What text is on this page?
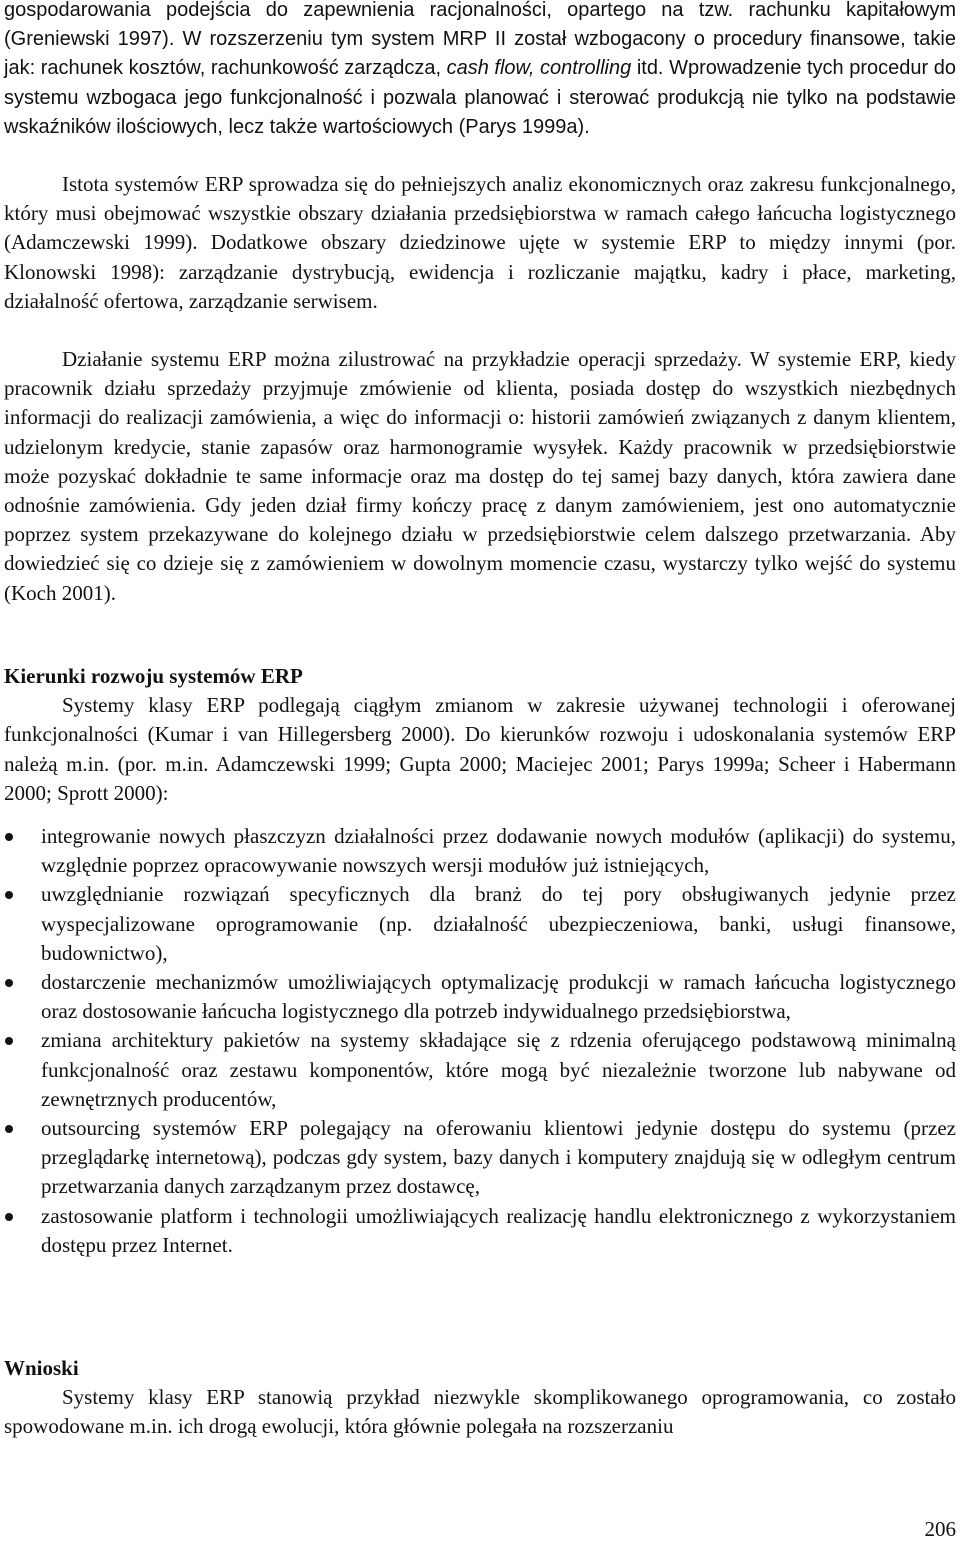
gospodarowania podejścia do zapewnienia racjonalności, opartego na tzw. rachunku kapitałowym (Greniewski 1997). W rozszerzeniu tym system MRP II został wzbogacony o procedury finansowe, takie jak: rachunek kosztów, rachunkowość zarządcza, cash flow, controlling itd. Wprowadzenie tych procedur do systemu wzbogaca jego funkcjonalność i pozwala planować i sterować produkcją nie tylko na podstawie wskaźników ilościowych, lecz także wartościowych (Parys 1999a).

Istota systemów ERP sprowadza się do pełniejszych analiz ekonomicznych oraz zakresu funkcjonalnego, który musi obejmować wszystkie obszary działania przedsiębiorstwa w ramach całego łańcucha logistycznego (Adamczewski 1999). Dodatkowe obszary dziedzinowe ujęte w systemie ERP to między innymi (por. Klonowski 1998): zarządzanie dystrybucją, ewidencja i rozliczanie majątku, kadry i płace, marketing, działalność ofertowa, zarządzanie serwisem.

Działanie systemu ERP można zilustrować na przykładzie operacji sprzedaży. W systemie ERP, kiedy pracownik działu sprzedaży przyjmuje zmówienie od klienta, posiada dostęp do wszystkich niezbędnych informacji do realizacji zamówienia, a więc do informacji o: historii zamówień związanych z danym klientem, udzielonym kredycie, stanie zapasów oraz harmonogramie wysyłek. Każdy pracownik w przedsiębiorstwie może pozyskać dokładnie te same informacje oraz ma dostęp do tej samej bazy danych, która zawiera dane odnośnie zamówienia. Gdy jeden dział firmy kończy pracę z danym zamówieniem, jest ono automatycznie poprzez system przekazywane do kolejnego działu w przedsiębiorstwie celem dalszego przetwarzania. Aby dowiedzieć się co dzieje się z zamówieniem w dowolnym momencie czasu, wystarczy tylko wejść do systemu (Koch 2001).

Kierunki rozwoju systemów ERP

Systemy klasy ERP podlegają ciągłym zmianom w zakresie używanej technologii i oferowanej funkcjonalności (Kumar i van Hillegersberg 2000). Do kierunków rozwoju i udoskonalania systemów ERP należą m.in. (por. m.in. Adamczewski 1999; Gupta 2000; Maciejec 2001; Parys 1999a; Scheer i Habermann 2000; Sprott 2000):

integrowanie nowych płaszczyzn działalności przez dodawanie nowych modułów (aplikacji) do systemu, względnie poprzez opracowywanie nowszych wersji modułów już istniejących,
uwzględnianie rozwiązań specyficznych dla branż do tej pory obsługiwanych jedynie przez wyspecjalizowane oprogramowanie (np. działalność ubezpieczeniowa, banki, usługi finansowe, budownictwo),
dostarczenie mechanizmów umożliwiających optymalizację produkcji w ramach łańcucha logistycznego oraz dostosowanie łańcucha logistycznego dla potrzeb indywidualnego przedsiębiorstwa,
zmiana architektury pakietów na systemy składające się z rdzenia oferującego podstawową minimalną funkcjonalność oraz zestawu komponentów, które mogą być niezależnie tworzone lub nabywane od zewnętrznych producentów,
outsourcing systemów ERP polegający na oferowaniu klientowi jedynie dostępu do systemu (przez przeglądarkę internetową), podczas gdy system, bazy danych i komputery znajdują się w odległym centrum przetwarzania danych zarządzanym przez dostawcę,
zastosowanie platform i technologii umożliwiających realizację handlu elektronicznego z wykorzystaniem dostępu przez Internet.

Wnioski

Systemy klasy ERP stanowią przykład niezwykle skomplikowanego oprogramowania, co zostało spowodowane m.in. ich drogą ewolucji, która głównie polegała na rozszerzaniu

206
